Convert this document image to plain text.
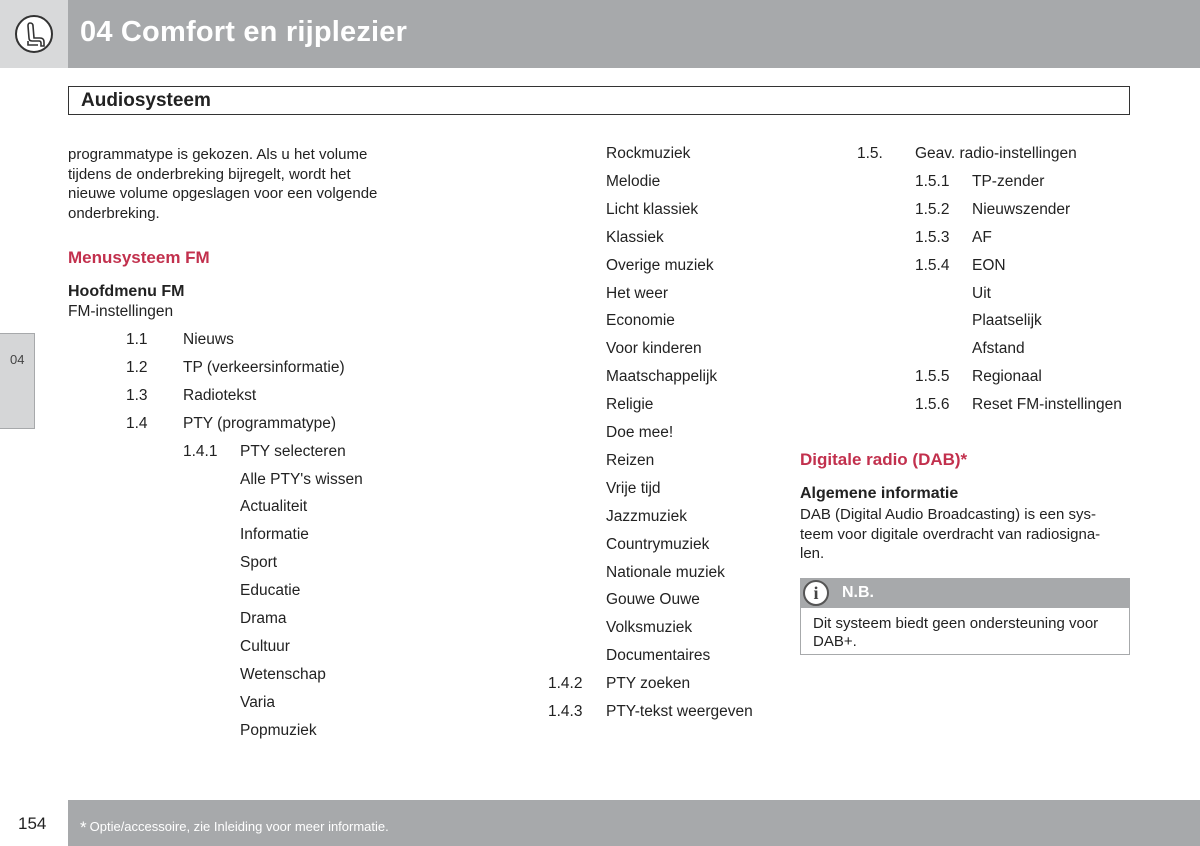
04 Comfort en rijplezier
Audiosysteem
04
programmatype is gekozen. Als u het volume
tijdens de onderbreking bijregelt, wordt het
nieuwe volume opgeslagen voor een volgende
onderbreking.
Menusysteem FM
Hoofdmenu FM
FM-instellingen
1.1 Nieuws
1.2 TP (verkeersinformatie)
1.3 Radiotekst
1.4 PTY (programmatype)
1.4.1 PTY selecteren
Alle PTY's wissen
Actualiteit
Informatie
Sport
Educatie
Drama
Cultuur
Wetenschap
Varia
Popmuziek
Rockmuziek
Melodie
Licht klassiek
Klassiek
Overige muziek
Het weer
Economie
Voor kinderen
Maatschappelijk
Religie
Doe mee!
Reizen
Vrije tijd
Jazzmuziek
Countrymuziek
Nationale muziek
Gouwe Ouwe
Volksmuziek
Documentaires
1.4.2 PTY zoeken
1.4.3 PTY-tekst weergeven
1.5. Geav. radio-instellingen
1.5.1 TP-zender
1.5.2 Nieuwszender
1.5.3 AF
1.5.4 EON
Uit
Plaatselijk
Afstand
1.5.5 Regionaal
1.5.6 Reset FM-instellingen
Digitale radio (DAB)*
Algemene informatie
DAB (Digital Audio Broadcasting) is een sys-
teem voor digitale overdracht van radiosigna-
len.
i	N.B.
Dit systeem biedt geen ondersteuning voor
DAB+.
154 * Optie/accessoire, zie Inleiding voor meer informatie.
